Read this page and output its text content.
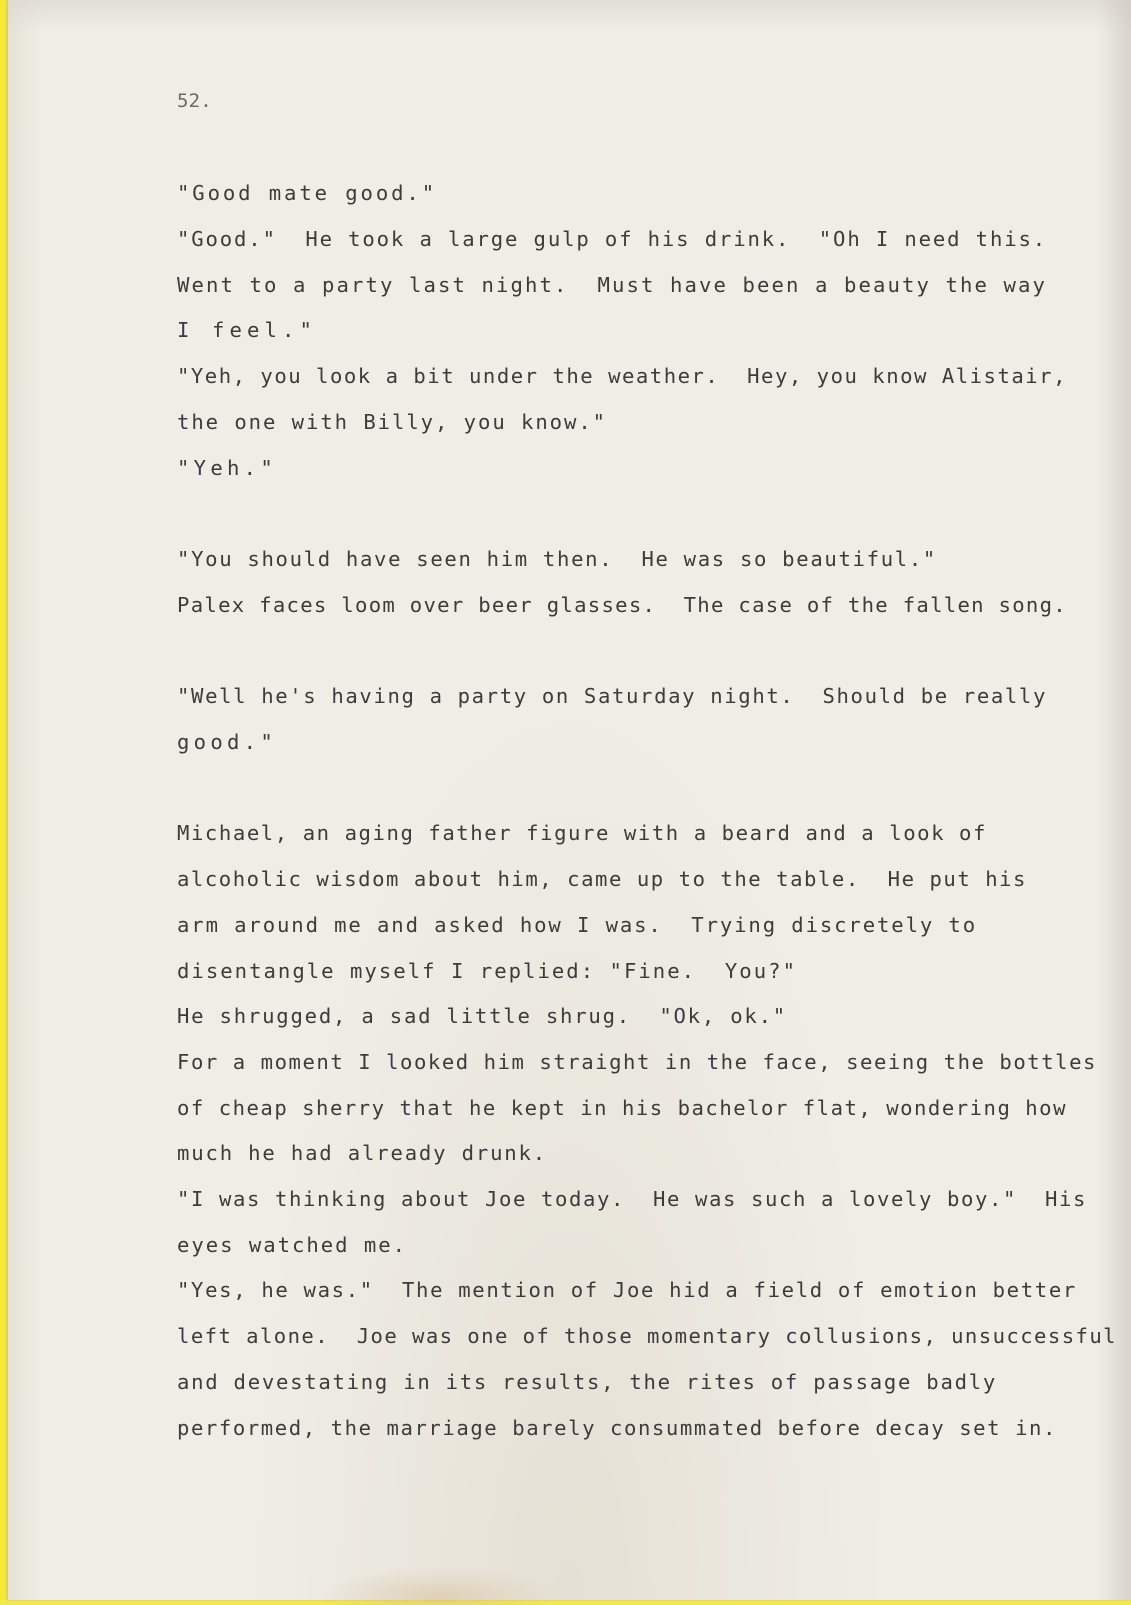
52.

"Good mate good."

"Good."  He took a large gulp of his drink.  "Oh I need this.

Went to a party last night.  Must have been a beauty the way

I feel."

"Yeh, you look a bit under the weather.  Hey, you know Alistair,

the one with Billy, you know."

"Yeh."

"You should have seen him then.  He was so beautiful."

Palex faces loom over beer glasses.  The case of the fallen song.

"Well he's having a party on Saturday night.  Should be really

good."

Michael, an aging father figure with a beard and a look of

alcoholic wisdom about him, came up to the table.  He put his

arm around me and asked how I was.  Trying discretely to

disentangle myself I replied: "Fine.  You?"

He shrugged, a sad little shrug.  "Ok, ok."

For a moment I looked him straight in the face, seeing the bottles

of cheap sherry that he kept in his bachelor flat, wondering how

much he had already drunk.

"I was thinking about Joe today.  He was such a lovely boy."  His

eyes watched me.

"Yes, he was."  The mention of Joe hid a field of emotion better

left alone.  Joe was one of those momentary collusions, unsuccessful

and devestating in its results, the rites of passage badly

performed, the marriage barely consummated before decay set in.
